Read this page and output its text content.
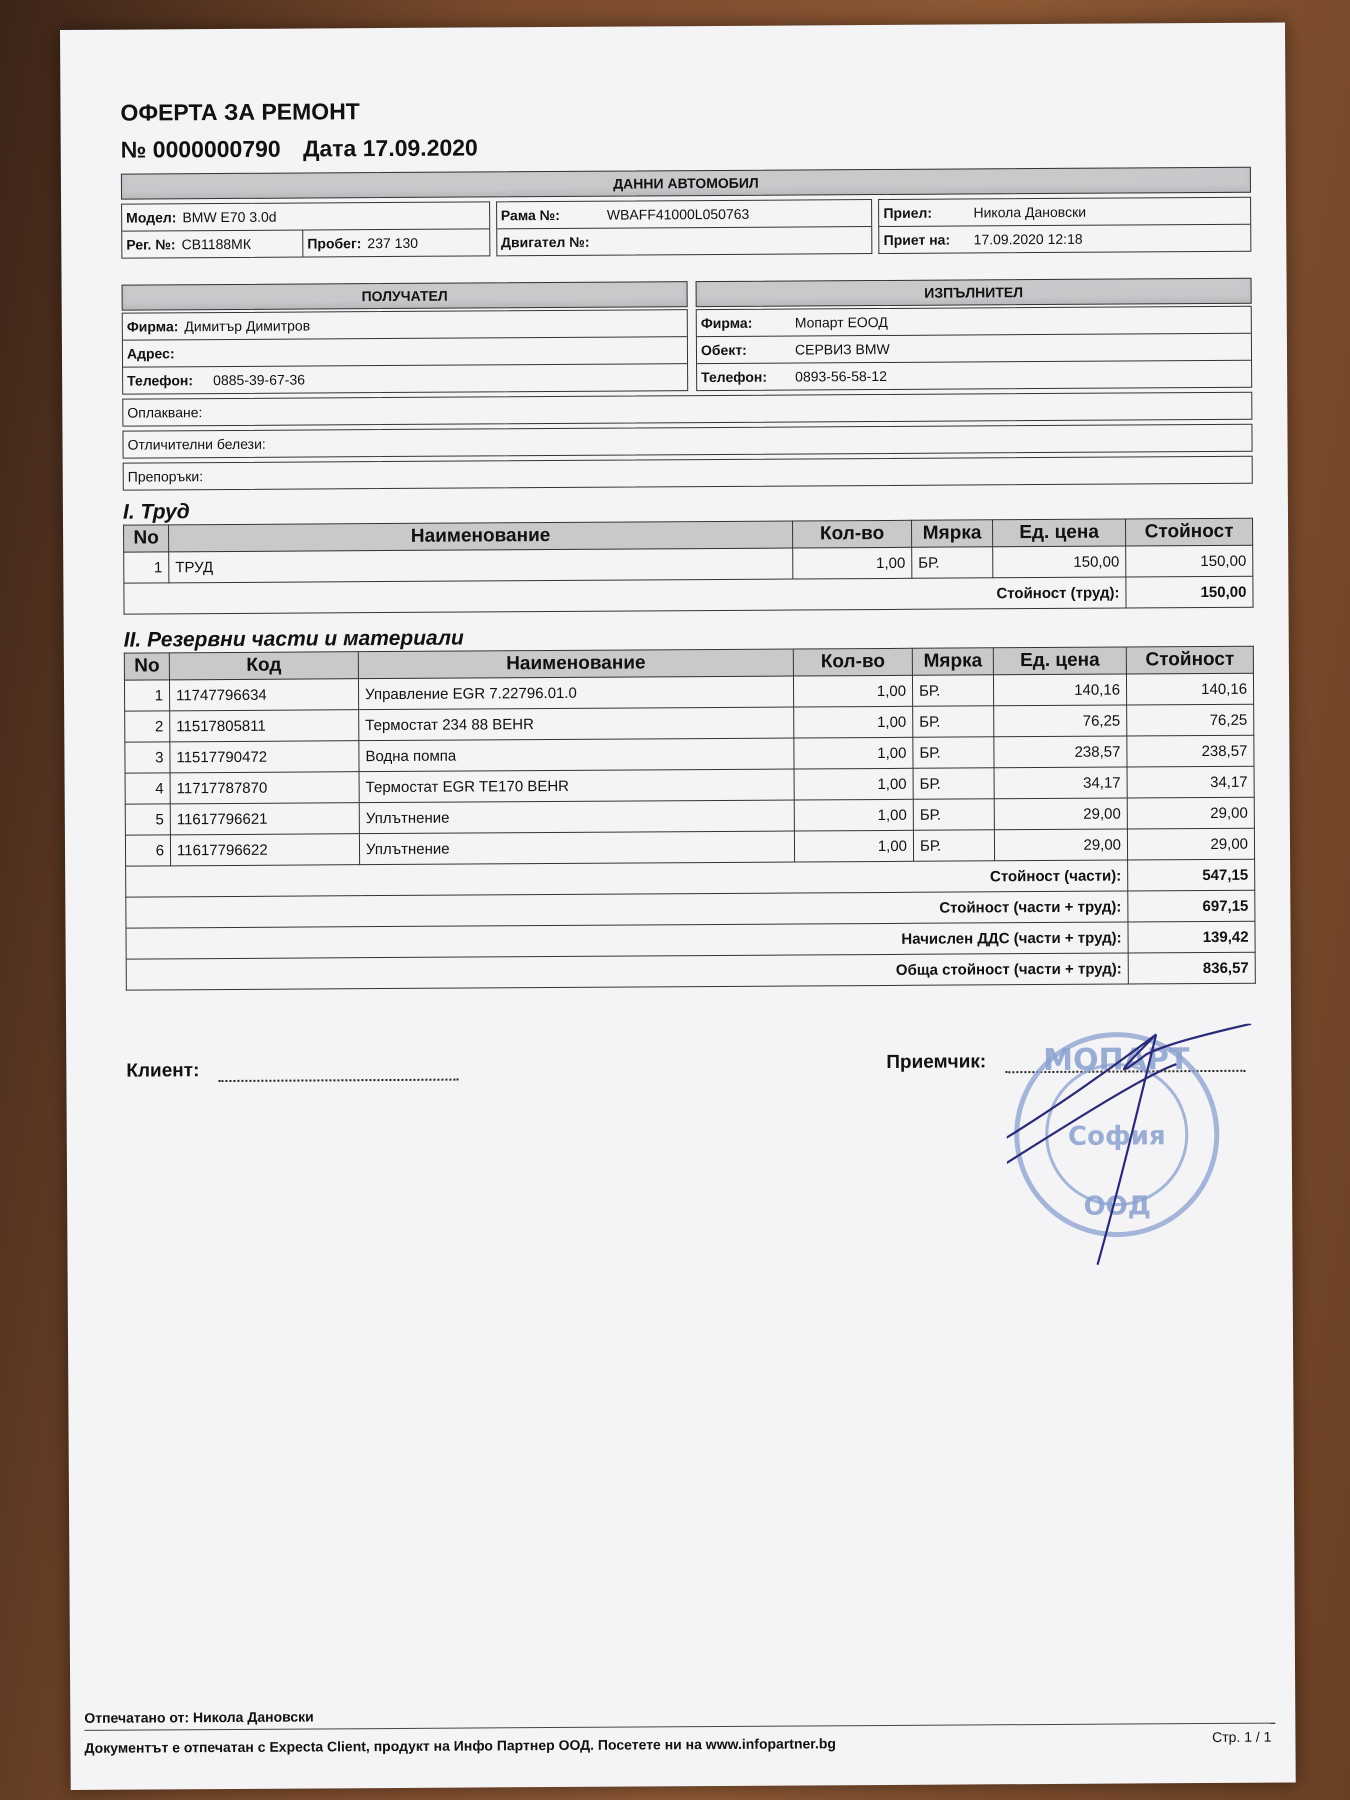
ОФЕРТА ЗА РЕМОНТ
№ 0000000790 Дата 17.09.2020
ДАННИ АВТОМОБИЛ
Модел: BMW E70 3.0d
Рег. №: СВ1188МК	Пробег: 237 130
Рама №:	WBAFF41000L050763
Двигател №:
Приел:	Никола Дановски
Приет на:	17.09.2020 12:18
ПОЛУЧАТЕЛ
Фирма: Димитър Димитров
Адрес:
Телефон:	0885-39-67-36
ИЗПЪЛНИТЕЛ
Фирма:	Мопарт ЕООД
Обект:	СЕРВИЗ BMW
Телефон:	0893-56-58-12
Оплакване:
Отличителни белези:
Препоръки:
I. Труд
No	Наименование	Кол-во	Мярка	Ед. цена	Стойност
1	ТРУД	1,00	БР.	150,00	150,00
Стойност (труд):					150,00
II. Резервни части и материали
No	Код	Наименование	Кол-во	Мярка	Ед. цена	Стойност
1	11747796634	Управление EGR 7.22796.01.0	1,00	БР.	140,16	140,16
2	11517805811	Термостат 234 88 BEHR	1,00	БР.	76,25	76,25
3	11517790472	Водна помпа	1,00	БР.	238,57	238,57
4	11717787870	Термостат EGR TE170 BEHR	1,00	БР.	34,17	34,17
5	11617796621	Уплътнение	1,00	БР.	29,00	29,00
6	11617796622	Уплътнение	1,00	БР.	29,00	29,00
Стойност (части):						547,15
Стойност (части + труд):						697,15
Начислен ДДС (части + труд):						139,42
Обща стойност (части + труд):						836,57
Клиент:	Приемчик:	МОПАРТ
София
ООД
Отпечатано от: Никола Дановски
Документът е отпечатан с Expecta Client, продукт на Инфо Партнер ООД. Посетете ни на www.infopartner.bg	Стр. 1 / 1
